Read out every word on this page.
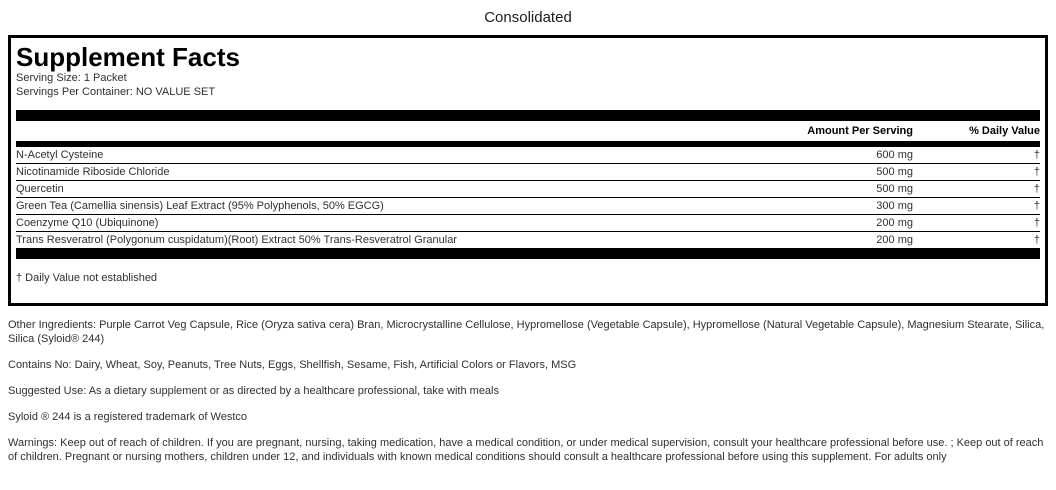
Consolidated
Supplement Facts
Serving Size: 1 Packet
Servings Per Container: NO VALUE SET
	Amount Per Serving	% Daily Value
N-Acetyl Cysteine	600 mg	†
Nicotinamide Riboside Chloride	500 mg	†
Quercetin	500 mg	†
Green Tea (Camellia sinensis) Leaf Extract (95% Polyphenols, 50% EGCG)	300 mg	†
Coenzyme Q10 (Ubiquinone)	200 mg	†
Trans Resveratrol (Polygonum cuspidatum)(Root) Extract 50% Trans-Resveratrol Granular	200 mg	†
† Daily Value not established

Other Ingredients: Purple Carrot Veg Capsule, Rice (Oryza sativa cera) Bran, Microcrystalline Cellulose, Hypromellose (Vegetable Capsule), Hypromellose (Natural Vegetable Capsule), Magnesium Stearate, Silica, Silica (Syloid® 244)

Contains No: Dairy, Wheat, Soy, Peanuts, Tree Nuts, Eggs, Shellfish, Sesame, Fish, Artificial Colors or Flavors, MSG

Suggested Use: As a dietary supplement or as directed by a healthcare professional, take with meals

Syloid ® 244 is a registered trademark of Westco

Warnings: Keep out of reach of children. If you are pregnant, nursing, taking medication, have a medical condition, or under medical supervision, consult your healthcare professional before use. ; Keep out of reach of children. Pregnant or nursing mothers, children under 12, and individuals with known medical conditions should consult a healthcare professional before using this supplement. For adults only
